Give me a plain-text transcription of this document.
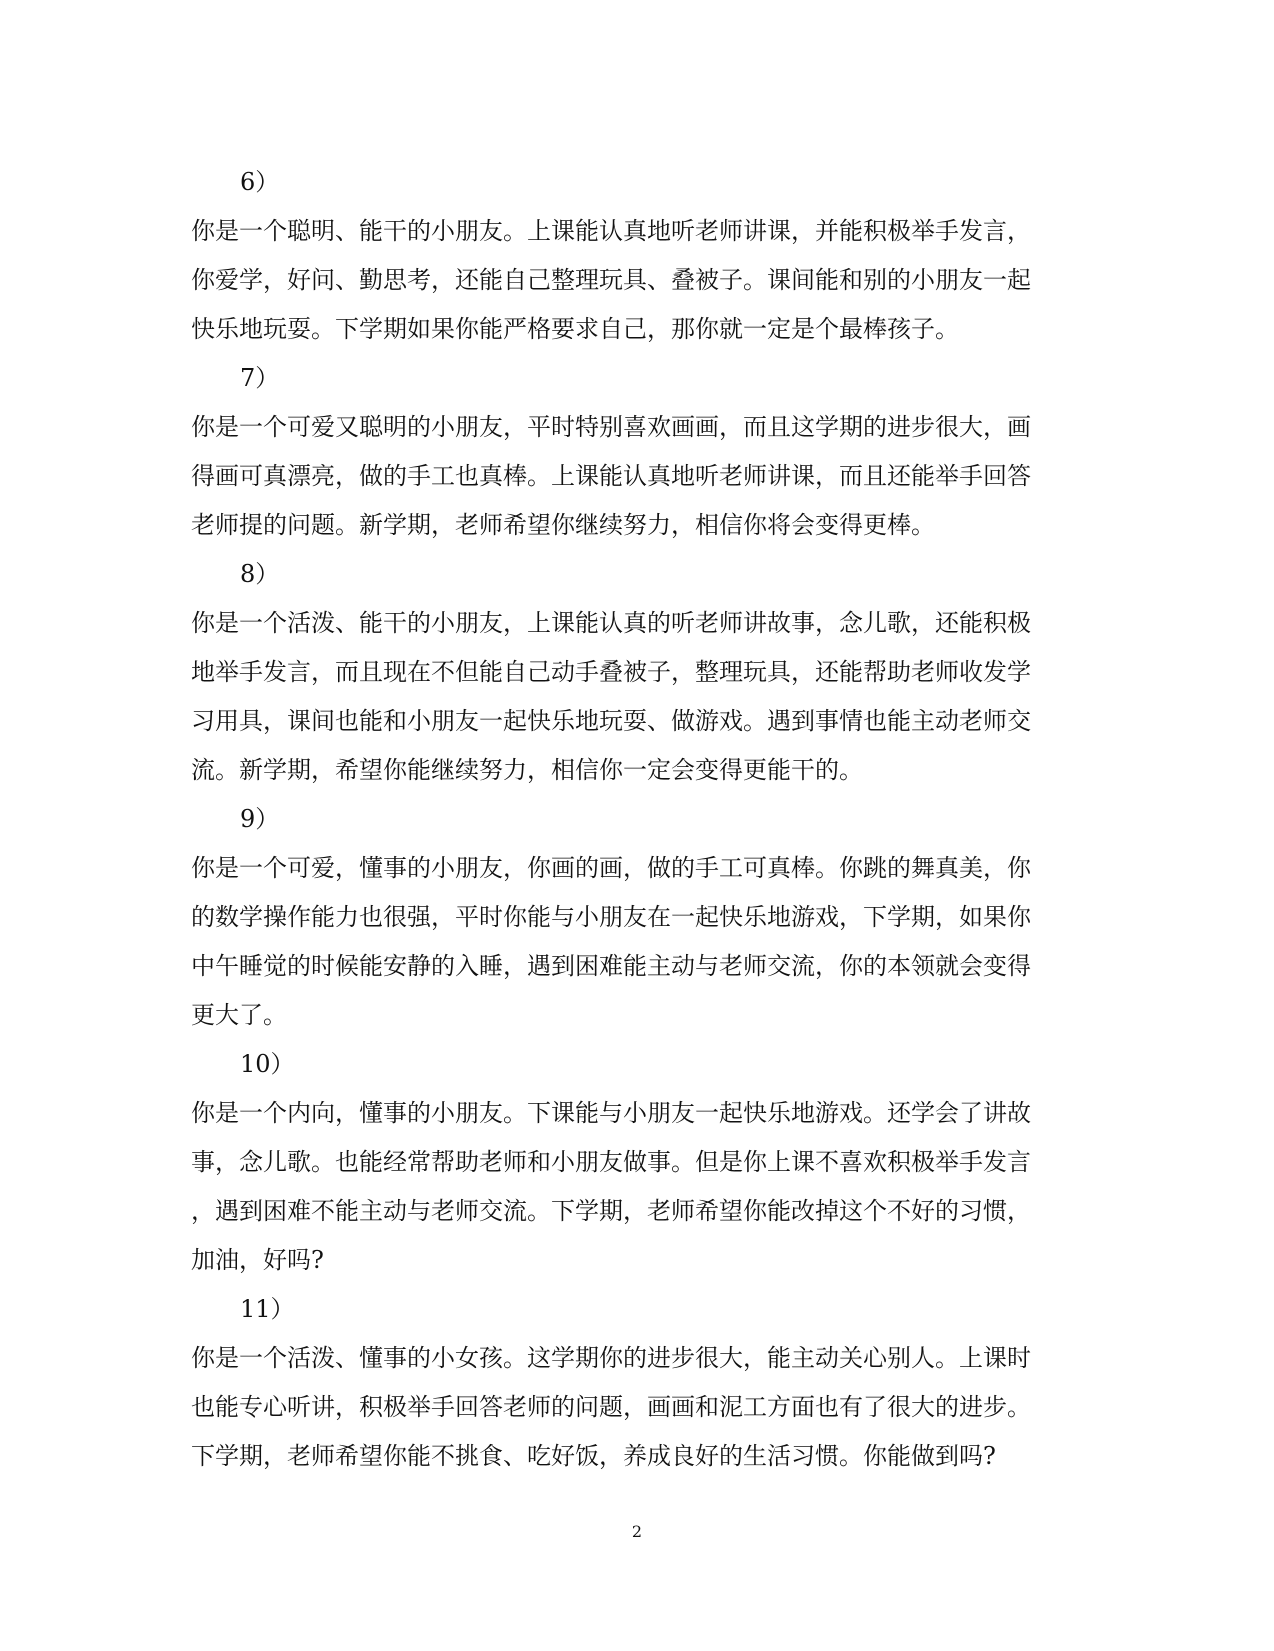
6）
你是一个聪明、能干的小朋友。上课能认真地听老师讲课，并能积极举手发言，
你爱学，好问、勤思考，还能自己整理玩具、叠被子。课间能和别的小朋友一起
快乐地玩耍。下学期如果你能严格要求自己，那你就一定是个最棒孩子。
7）
你是一个可爱又聪明的小朋友，平时特别喜欢画画，而且这学期的进步很大，画
得画可真漂亮，做的手工也真棒。上课能认真地听老师讲课，而且还能举手回答
老师提的问题。新学期，老师希望你继续努力，相信你将会变得更棒。
8）
你是一个活泼、能干的小朋友，上课能认真的听老师讲故事，念儿歌，还能积极
地举手发言，而且现在不但能自己动手叠被子，整理玩具，还能帮助老师收发学
习用具，课间也能和小朋友一起快乐地玩耍、做游戏。遇到事情也能主动老师交
流。新学期，希望你能继续努力，相信你一定会变得更能干的。
9）
你是一个可爱，懂事的小朋友，你画的画，做的手工可真棒。你跳的舞真美，你
的数学操作能力也很强，平时你能与小朋友在一起快乐地游戏，下学期，如果你
中午睡觉的时候能安静的入睡，遇到困难能主动与老师交流，你的本领就会变得
更大了。
10）
你是一个内向，懂事的小朋友。下课能与小朋友一起快乐地游戏。还学会了讲故
事，念儿歌。也能经常帮助老师和小朋友做事。但是你上课不喜欢积极举手发言
，遇到困难不能主动与老师交流。下学期，老师希望你能改掉这个不好的习惯，
加油，好吗?
11）
你是一个活泼、懂事的小女孩。这学期你的进步很大，能主动关心别人。上课时
也能专心听讲，积极举手回答老师的问题，画画和泥工方面也有了很大的进步。
下学期，老师希望你能不挑食、吃好饭，养成良好的生活习惯。你能做到吗?
2
